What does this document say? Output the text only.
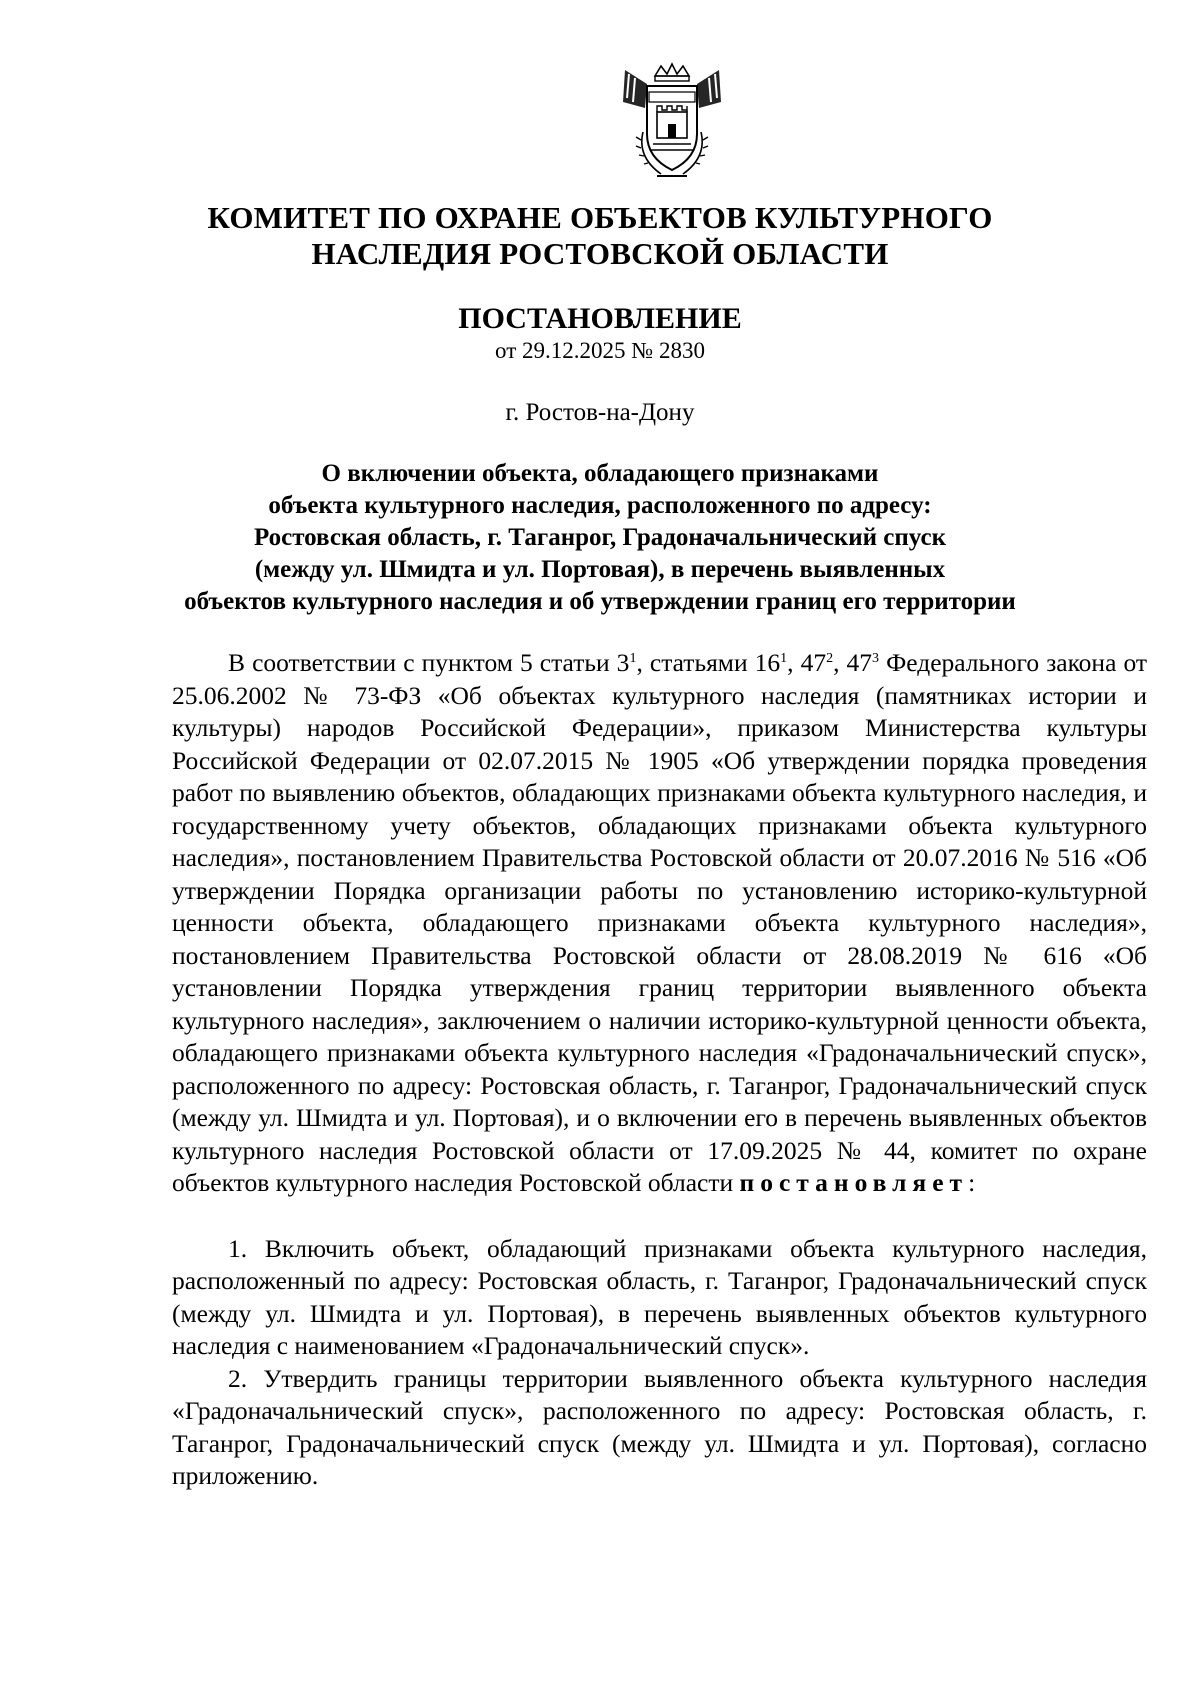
КОМИТЕТ ПО ОХРАНЕ ОБЪЕКТОВ КУЛЬТУРНОГО
НАСЛЕДИЯ РОСТОВСКОЙ ОБЛАСТИ
ПОСТАНОВЛЕНИЕ
от 29.12.2025 № 2830
г. Ростов-на-Дону
О включении объекта, обладающего признаками
объекта культурного наследия, расположенного по адресу:
Ростовская область, г. Таганрог, Градоначальнический спуск
(между ул. Шмидта и ул. Портовая), в перечень выявленных
объектов культурного наследия и об утверждении границ его территории

В соответствии с пунктом 5 статьи $3^1$, статьями $16^1$, $47^2$, $47^3$ Федерального закона от 25.06.2002 № 73-ФЗ «Об объектах культурного наследия (памятниках истории и культуры) народов Российской Федерации», приказом Министерства культуры Российской Федерации от 02.07.2015 № 1905 «Об утверждении порядка проведения работ по выявлению объектов, обладающих признаками объекта культурного наследия, и государственному учету объектов, обладающих признаками объекта культурного наследия», постановлением Правительства Ростовской области от 20.07.2016 № 516 «Об утверждении Порядка организации работы по установлению историко-культурной ценности объекта, обладающего признаками объекта культурного наследия», постановлением Правительства Ростовской области от 28.08.2019 № 616 «Об установлении Порядка утверждения границ территории выявленного объекта культурного наследия», заключением о наличии историко-культурной ценности объекта, обладающего признаками объекта культурного наследия «Градоначальнический спуск», расположенного по адресу: Ростовская область, г. Таганрог, Градоначальнический спуск (между ул. Шмидта и ул. Портовая), и о включении его в перечень выявленных объектов культурного наследия Ростовской области от 17.09.2025 № 44, комитет по охране объектов культурного наследия Ростовской области постановляет:

1. Включить объект, обладающий признаками объекта культурного наследия, расположенный по адресу: Ростовская область, г. Таганрог, Градоначальнический спуск (между ул. Шмидта и ул. Портовая), в перечень выявленных объектов культурного наследия с наименованием «Градоначальнический спуск».

2. Утвердить границы территории выявленного объекта культурного наследия «Градоначальнический спуск», расположенного по адресу: Ростовская область, г. Таганрог, Градоначальнический спуск (между ул. Шмидта и ул. Портовая), согласно приложению.
